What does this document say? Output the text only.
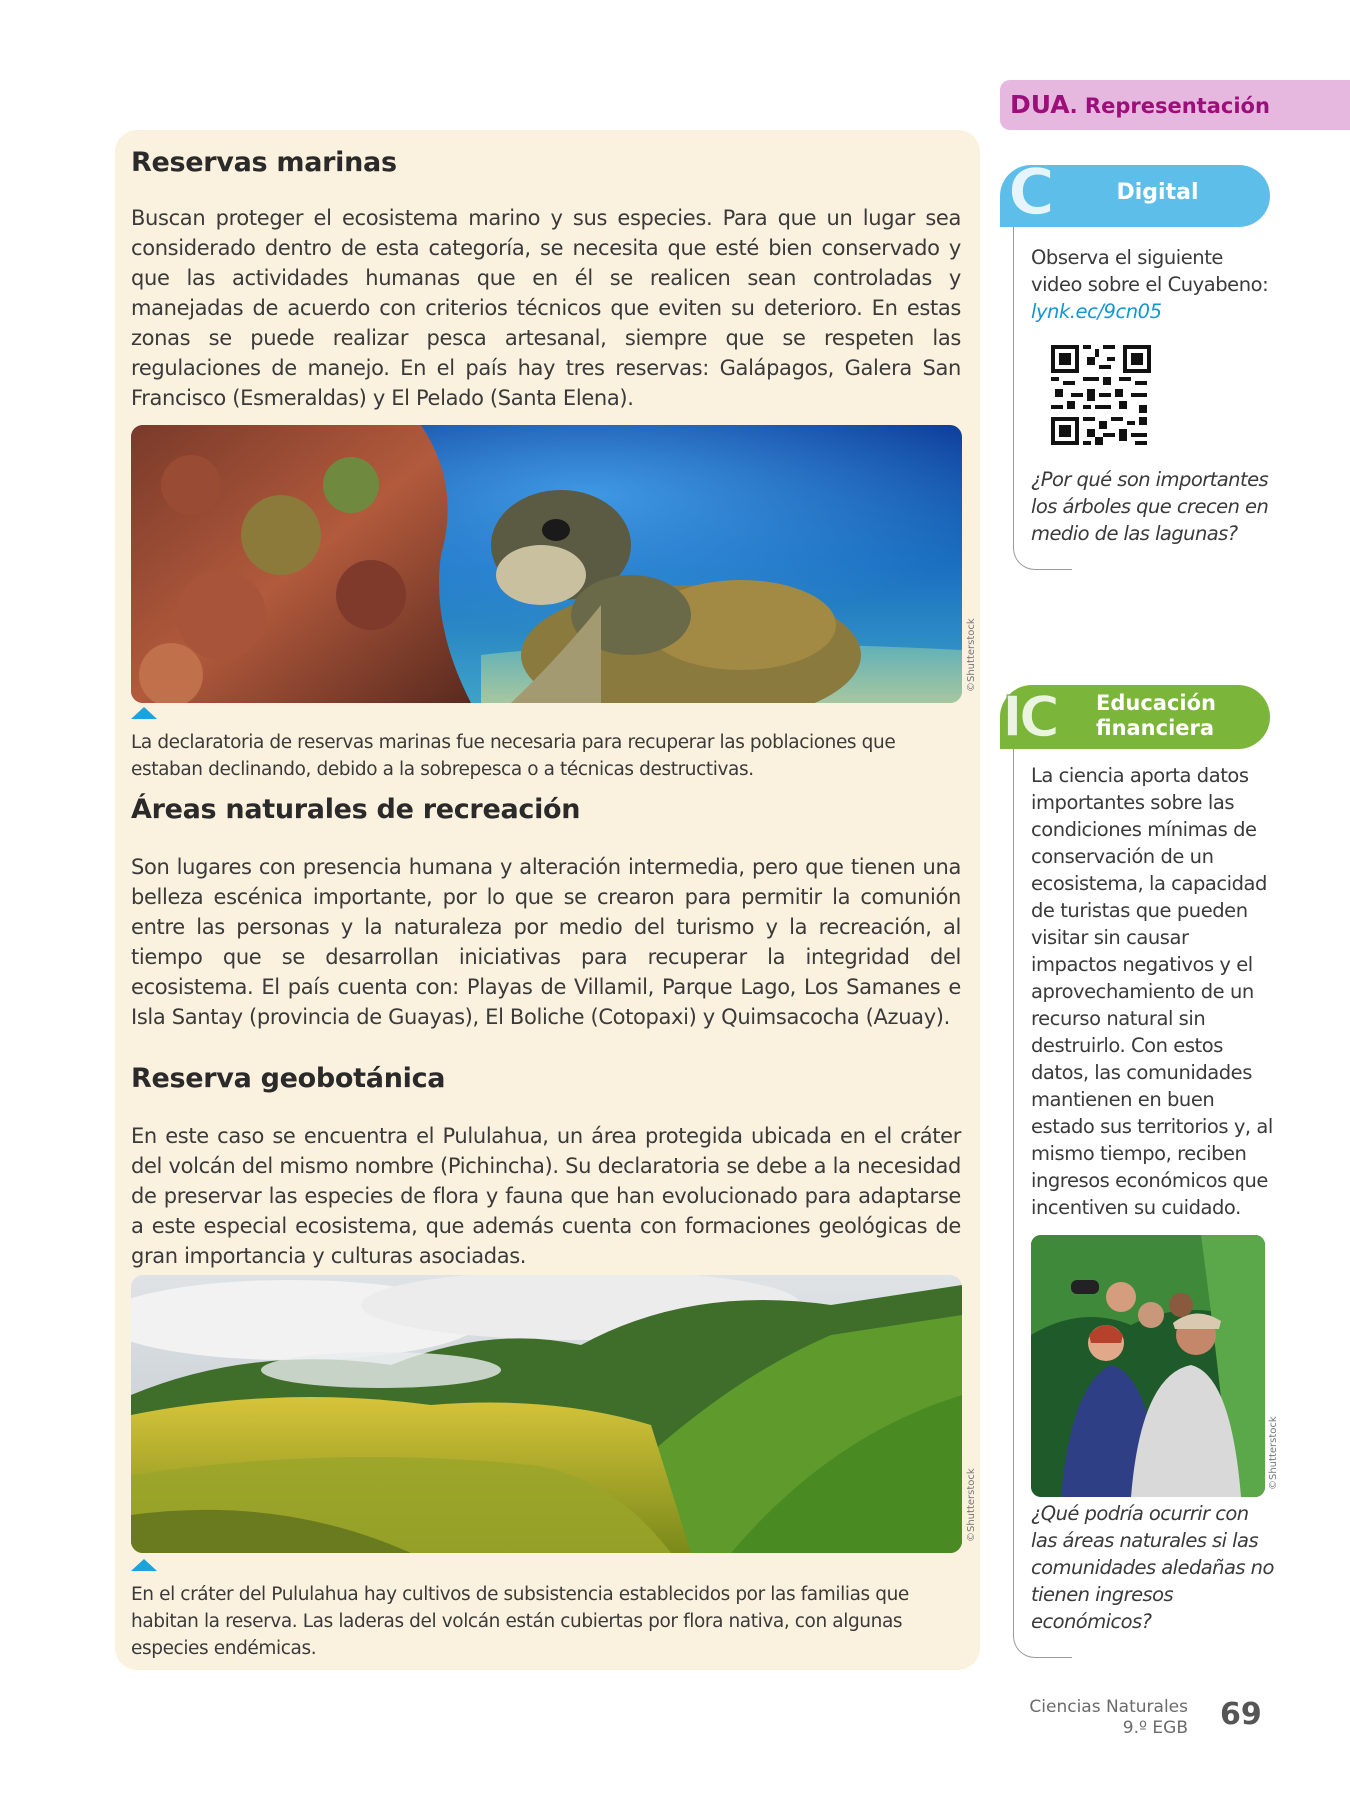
Reservas marinas

Buscan proteger el ecosistema marino y sus especies. Para que un lugar sea considerado dentro de esta categoría, se necesita que esté bien conservado y que las actividades humanas que en él se realicen sean controladas y manejadas de acuerdo con criterios técnicos que eviten su deterioro. En estas zonas se puede realizar pesca artesanal, siempre que se respeten las regulaciones de manejo. En el país hay tres reservas: Galápagos, Galera San Francisco (Esmeraldas) y El Pelado (Santa Elena).

©Shutterstock

La declaratoria de reservas marinas fue necesaria para recuperar las poblaciones que estaban declinando, debido a la sobrepesca o a técnicas destructivas.

Áreas naturales de recreación

Son lugares con presencia humana y alteración intermedia, pero que tienen una belleza escénica importante, por lo que se crearon para permitir la comunión entre las personas y la naturaleza por medio del turismo y la recreación, al tiempo que se desarrollan iniciativas para recuperar la integridad del ecosistema. El país cuenta con: Playas de Villamil, Parque Lago, Los Samanes e Isla Santay (provincia de Guayas), El Boliche (Cotopaxi) y Quimsacocha (Azuay).

Reserva geobotánica

En este caso se encuentra el Pululahua, un área protegida ubicada en el cráter del volcán del mismo nombre (Pichincha). Su declaratoria se debe a la necesidad de preservar las especies de flora y fauna que han evolucionado para adaptarse a este especial ecosistema, que además cuenta con formaciones geológicas de gran importancia y culturas asociadas.

©Shutterstock

En el cráter del Pululahua hay cultivos de subsistencia establecidos por las familias que habitan la reserva. Las laderas del volcán están cubiertas por flora nativa, con algunas especies endémicas.

DUA. Representación
C	Digital

Observa el siguiente video sobre el Cuyabeno: lynk.ec/9cn05

¿Por qué son importantes los árboles que crecen en medio de las lagunas?

IC Educación
financiera

La ciencia aporta datos importantes sobre las condiciones mínimas de conservación de un ecosistema, la capacidad de turistas que pueden visitar sin causar impactos negativos y el aprovechamiento de un recurso natural sin destruirlo. Con estos datos, las comunidades mantienen en buen estado sus territorios y, al mismo tiempo, reciben ingresos económicos que incentiven su cuidado.

©Shutterstock

¿Qué podría ocurrir con las áreas naturales si las comunidades aledañas no tienen ingresos económicos?

Ciencias Naturales
9.º EGB 69
